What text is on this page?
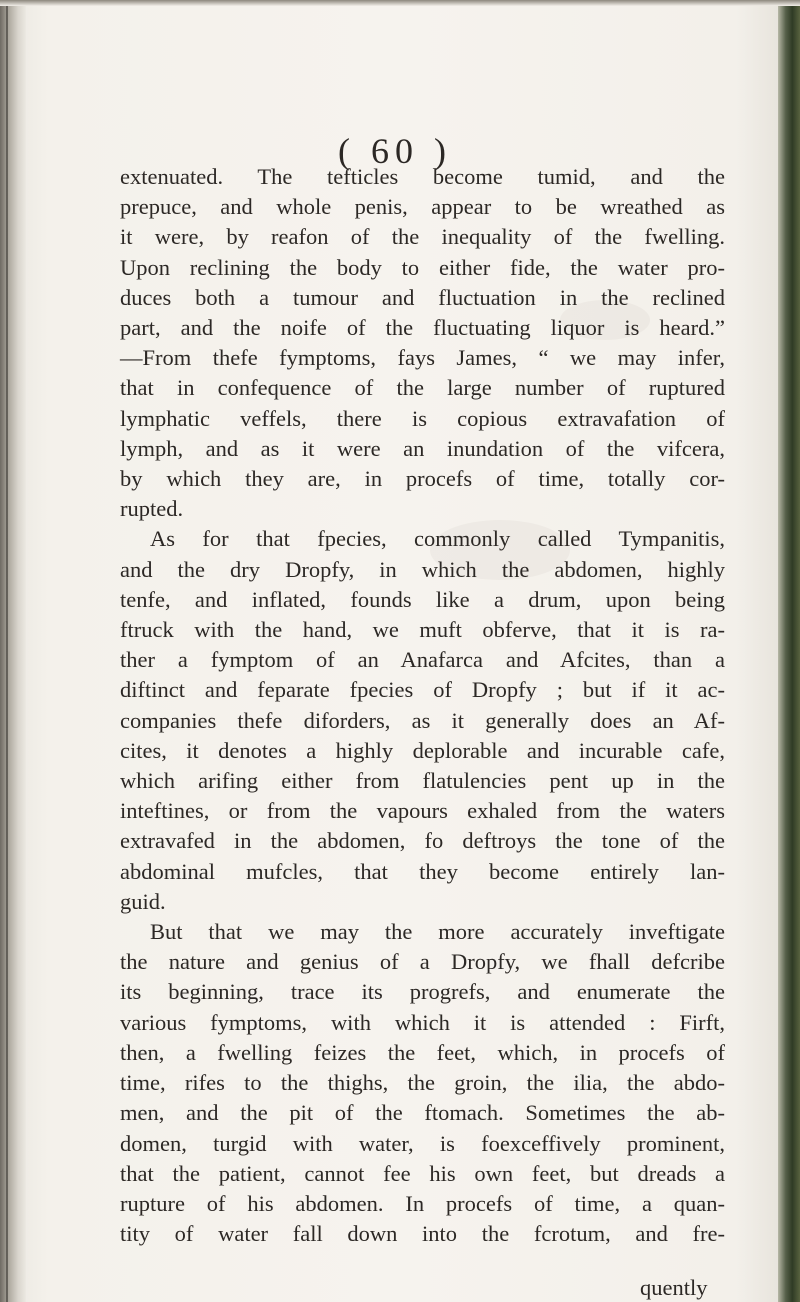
( 60 )

extenuated. The tefticles become tumid, and the

prepuce, and whole penis, appear to be wreathed as

it were, by reafon of the inequality of the fwelling.

Upon reclining the body to either fide, the water pro-

duces both a tumour and fluctuation in the reclined

part, and the noife of the fluctuating liquor is heard.”

—From thefe fymptoms, fays James, “ we may infer,

that in confequence of the large number of ruptured

lymphatic veffels, there is copious extravafation of

lymph, and as it were an inundation of the vifcera,

by which they are, in procefs of time, totally cor-

rupted.

As for that fpecies, commonly called Tympanitis,

and the dry Dropfy, in which the abdomen, highly

tenfe, and inflated, founds like a drum, upon being

ftruck with the hand, we muft obferve, that it is ra-

ther a fymptom of an Anafarca and Afcites, than a

diftinct and feparate fpecies of Dropfy ; but if it ac-

companies thefe diforders, as it generally does an Af-

cites, it denotes a highly deplorable and incurable cafe,

which arifing either from flatulencies pent up in the

inteftines, or from the vapours exhaled from the waters

extravafed in the abdomen, fo deftroys the tone of the

abdominal mufcles, that they become entirely lan-

guid.

But that we may the more accurately inveftigate

the nature and genius of a Dropfy, we fhall defcribe

its beginning, trace its progrefs, and enumerate the

various fymptoms, with which it is attended : Firft,

then, a fwelling feizes the feet, which, in procefs of

time, rifes to the thighs, the groin, the ilia, the abdo-

men, and the pit of the ftomach. Sometimes the ab-

domen, turgid with water, is foexceffively prominent,

that the patient, cannot fee his own feet, but dreads a

rupture of his abdomen. In procefs of time, a quan-

tity of water fall down into the fcrotum, and fre-

quently
